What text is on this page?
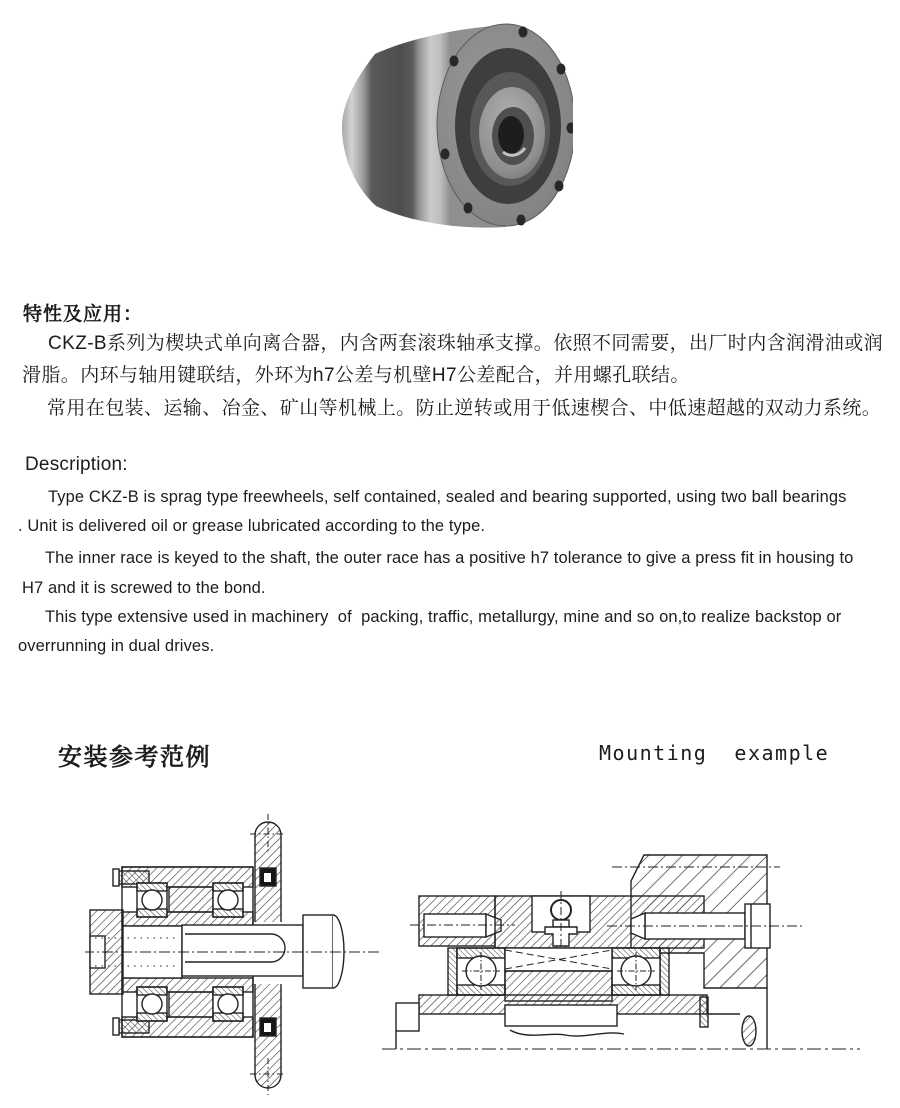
特性及应用：
CKZ-B系列为楔块式单向离合器，内含两套滚珠轴承支撑。依照不同需要，出厂时内含润滑油或润
滑脂。内环与轴用键联结，外环为h7公差与机壁H7公差配合，并用螺孔联结。
常用在包装、运输、冶金、矿山等机械上。防止逆转或用于低速楔合、中低速超越的双动力系统。
Description:
Type CKZ-B is sprag type freewheels, self contained, sealed and bearing supported, using two ball bearings
. Unit is delivered oil or grease lubricated according to the type.
The inner race is keyed to the shaft, the outer race has a positive h7 tolerance to give a press fit in housing to
H7 and it is screwed to the bond.
This type extensive used in machinery  of  packing, traffic, metallurgy, mine and so on,to realize backstop or
overrunning in dual drives.
安装参考范例	Mounting  example
